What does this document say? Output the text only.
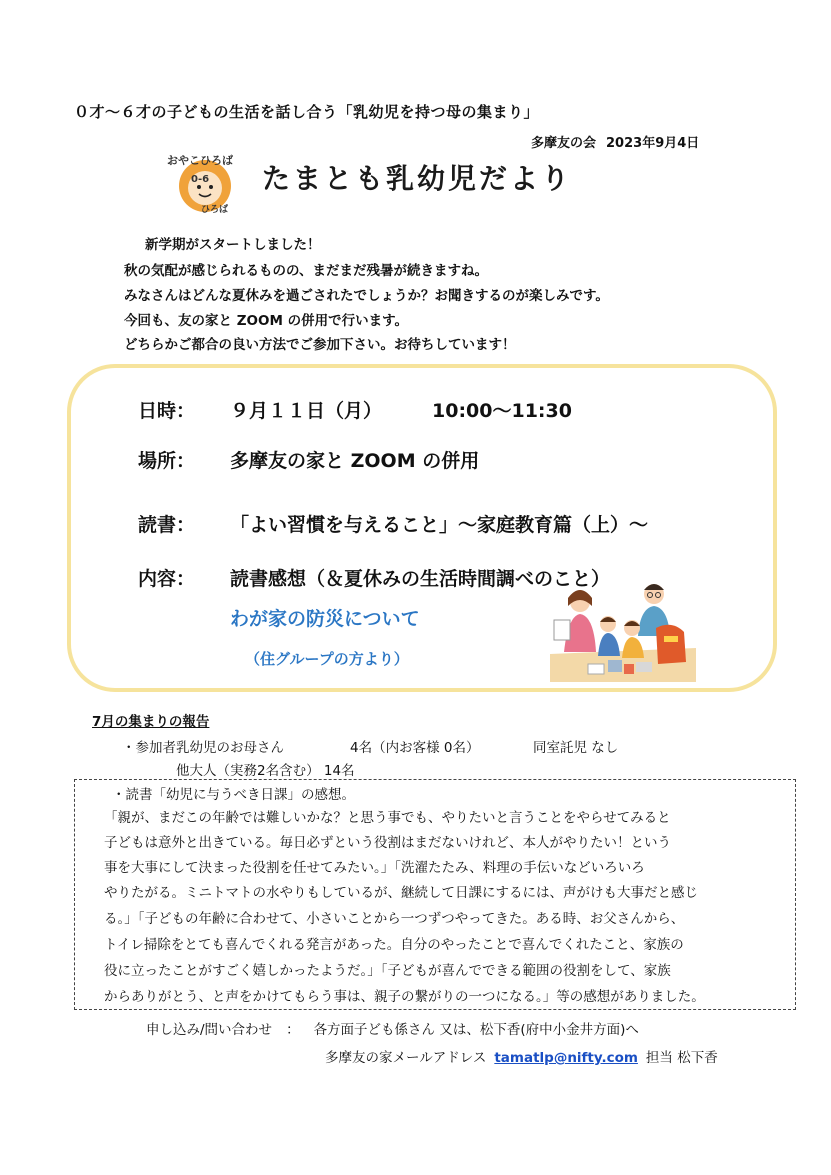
０才～６才の子どもの生活を話し合う「乳幼児を持つ母の集まり」
多摩友の会 2023年9月4日
おやこひろば
0-6
ひろば
たまとも乳幼児だより
新学期がスタートしました！
秋の気配が感じられるものの、まだまだ残暑が続きますね。
みなさんはどんな夏休みを過ごされたでしょうか？お聞きするのが楽しみです。
今回も、友の家と ZOOM の併用で行います。
どちらかご都合の良い方法でご参加下さい。お待ちしています！
日時： ９月１１日（月）	10:00～11:30
場所： 多摩友の家と ZOOM の併用
読書： 「よい習慣を与えること」～家庭教育篇（上）～
内容： 読書感想（＆夏休みの生活時間調べのこと）
わが家の防災について
（住グループの方より）
7月の集まりの報告
・参加者 乳幼児のお母さん	4名（内お客様 0名）	同室託児 なし
他大人（実務2名含む） 14名
・読書「幼児に与うべき日課」の感想。
「親が、まだこの年齢では難しいかな？と思う事でも、やりたいと言うことをやらせてみると
子どもは意外と出きている。毎日必ずという役割はまだないけれど、本人がやりたい！という
事を大事にして決まった役割を任せてみたい。」「洗濯たたみ、料理の手伝いなどいろいろ
やりたがる。ミニトマトの水やりもしているが、継続して日課にするには、声がけも大事だと感じ
る。」「子どもの年齢に合わせて、小さいことから一つずつやってきた。ある時、お父さんから、
トイレ掃除をとても喜んでくれる発言があった。自分のやったことで喜んでくれたこと、家族の
役に立ったことがすごく嬉しかったようだ。」「子どもが喜んでできる範囲の役割をして、家族
からありがとう、と声をかけてもらう事は、親子の繋がりの一つになる。」等の感想がありました。
申し込み/問い合わせ ： 各方面子ども係さん 又は、松下香(府中小金井方面)へ
多摩友の家メールアドレス tamatlp@nifty.com 担当 松下香
